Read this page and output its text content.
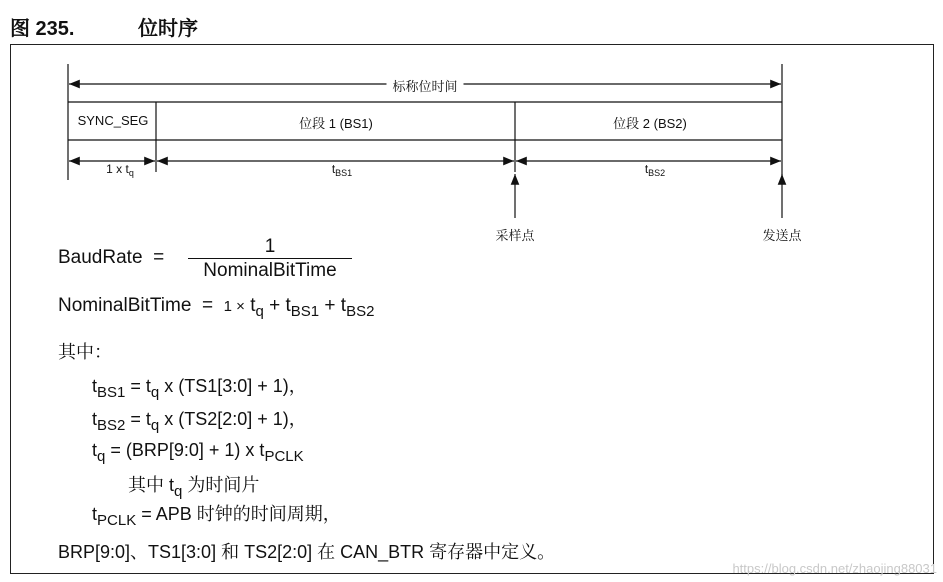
图 235.	位时序
标称位时间
SYNC_SEG	位段 1 (BS1)	位段 2 (BS2)
1 x $t_q$	$t_{BS1}$	$t_{BS2}$
采样点	发送点
BaudRate =
1
NominalBitTime
NominalBitTime = $1 \times t_q + t_{BS1} + t_{BS2}$
其中：
$t_{BS1} = t_q$ x (TS1[3:0] + 1)，
$t_{BS2} = t_q$ x (TS2[2:0] + 1)，
$t_q$ = (BRP[9:0] + 1) x $t_{PCLK}$
其中 $t_q$ 为时间片
$t_{PCLK}$ = APB 时钟的时间周期，
BRP[9:0]、TS1[3:0] 和 TS2[2:0] 在 CAN_BTR 寄存器中定义。
https://blog.csdn.net/zhaojing88031
